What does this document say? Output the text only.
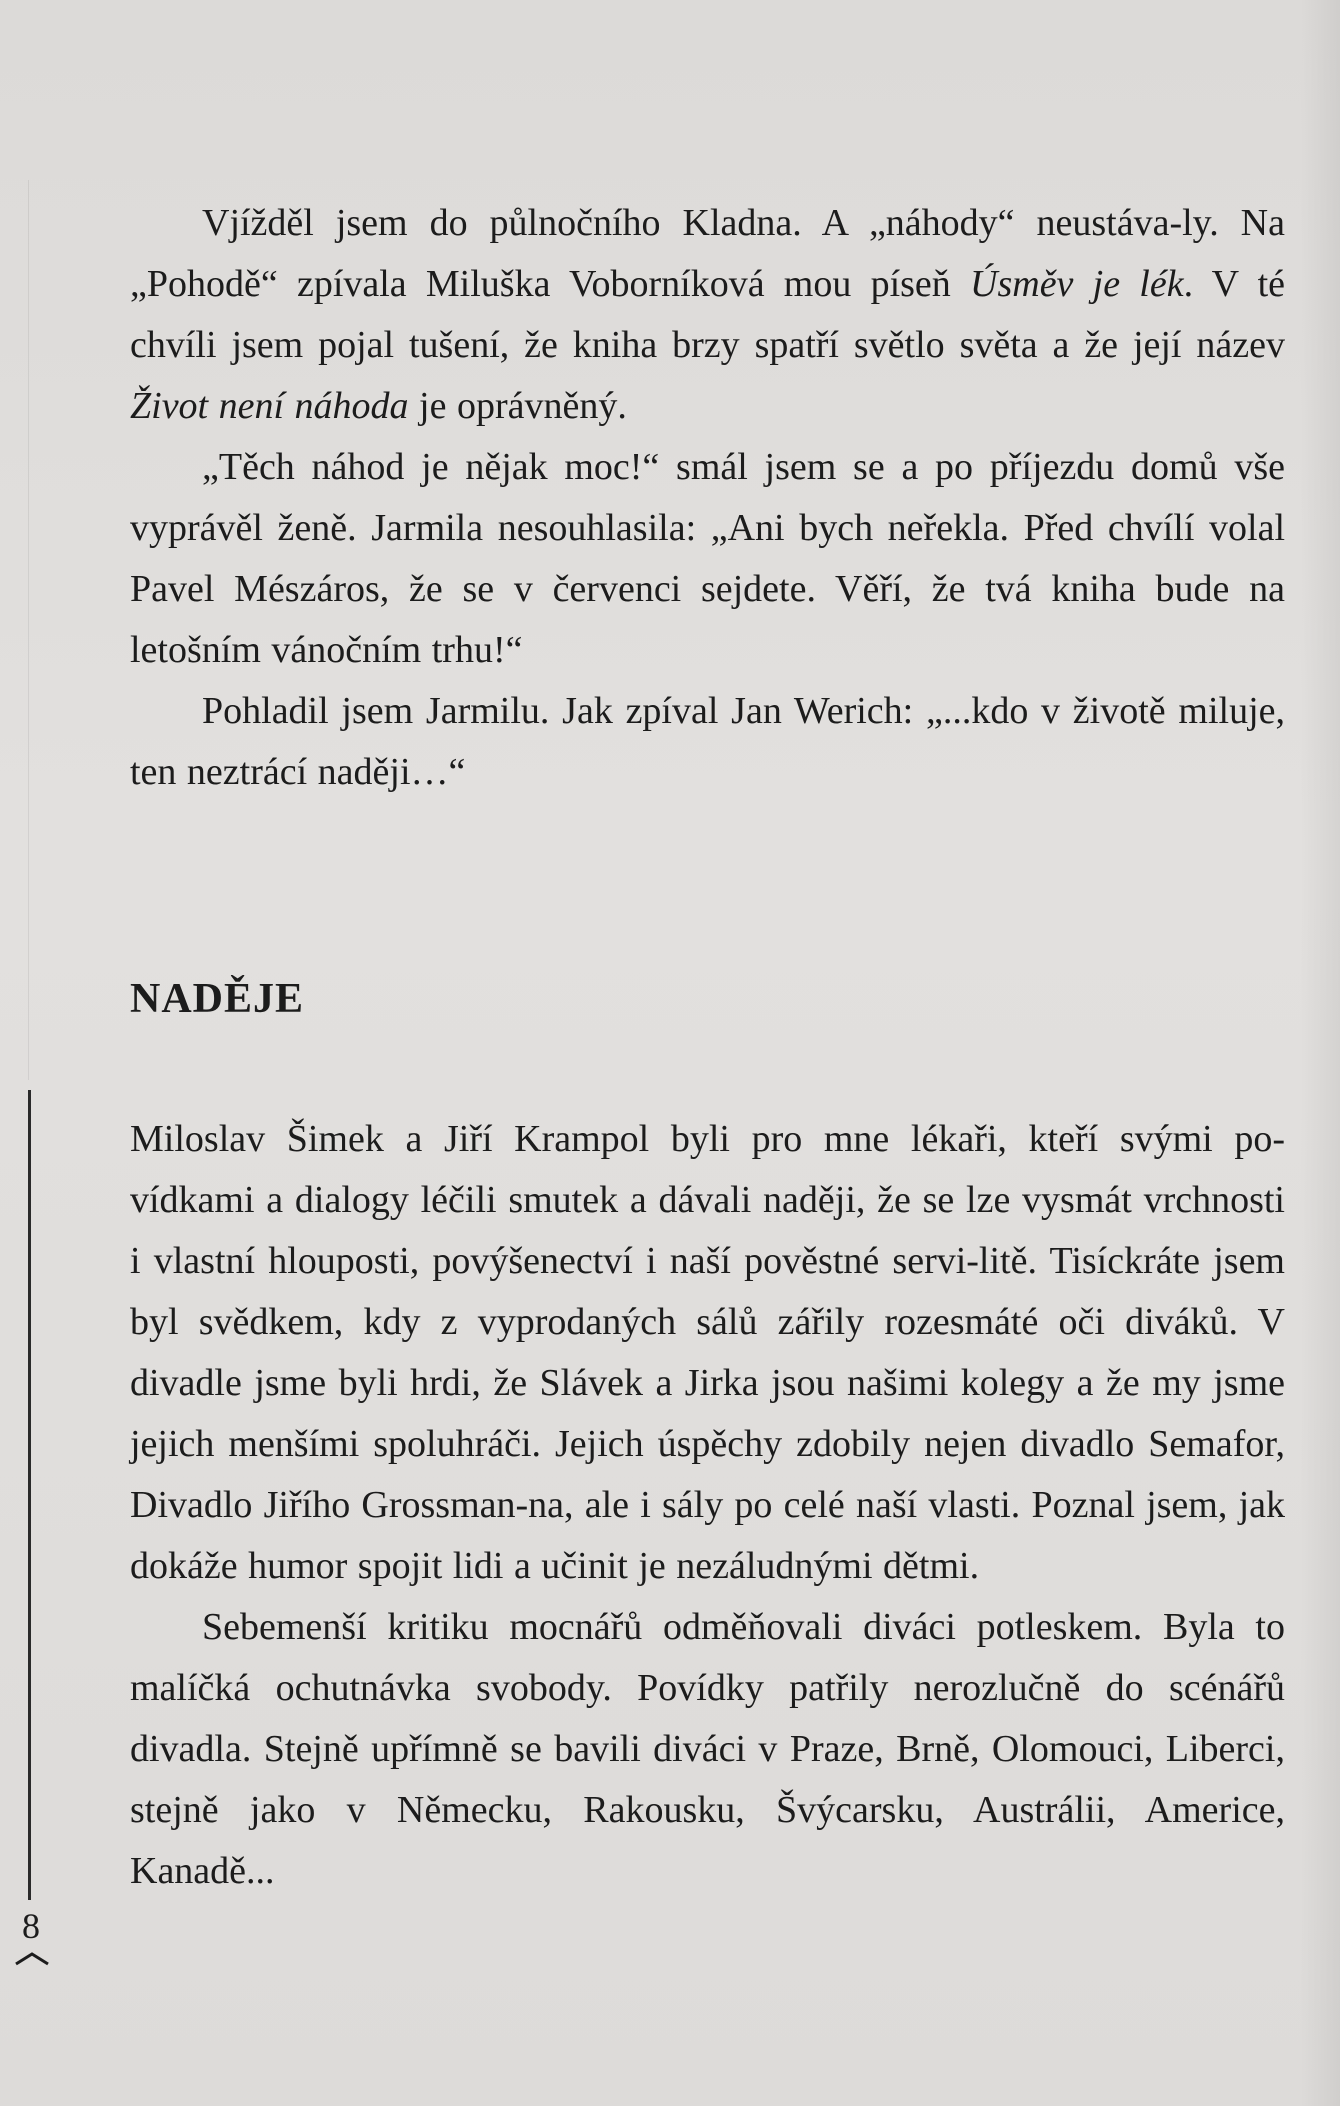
Vjížděl jsem do půlnočního Kladna. A „náhody“ neustáva-ly. Na „Pohodě“ zpívala Miluška Voborníková mou píseň Úsměv je lék. V té chvíli jsem pojal tušení, že kniha brzy spatří světlo světa a že její název Život není náhoda je oprávněný.

„Těch náhod je nějak moc!“ smál jsem se a po příjezdu domů vše vyprávěl ženě. Jarmila nesouhlasila: „Ani bych neřekla. Před chvílí volal Pavel Mészáros, že se v červenci sejdete. Věří, že tvá kniha bude na letošním vánočním trhu!“

Pohladil jsem Jarmilu. Jak zpíval Jan Werich: „...kdo v životě miluje, ten neztrácí naději…“

NADĚJE

Miloslav Šimek a Jiří Krampol byli pro mne lékaři, kteří svými po-vídkami a dialogy léčili smutek a dávali naději, že se lze vysmát vrchnosti i vlastní hlouposti, povýšenectví i naší pověstné servi-litě. Tisíckráte jsem byl svědkem, kdy z vyprodaných sálů zářily rozesmáté oči diváků. V divadle jsme byli hrdi, že Slávek a Jirka jsou našimi kolegy a že my jsme jejich menšími spoluhráči. Jejich úspěchy zdobily nejen divadlo Semafor, Divadlo Jiřího Grossman-na, ale i sály po celé naší vlasti. Poznal jsem, jak dokáže humor spojit lidi a učinit je nezáludnými dětmi.

Sebemenší kritiku mocnářů odměňovali diváci potleskem. Byla to malíčká ochutnávka svobody. Povídky patřily nerozlučně do scénářů divadla. Stejně upřímně se bavili diváci v Praze, Brně, Olomouci, Liberci, stejně jako v Německu, Rakousku, Švýcarsku, Austrálii, Americe, Kanadě...

8
